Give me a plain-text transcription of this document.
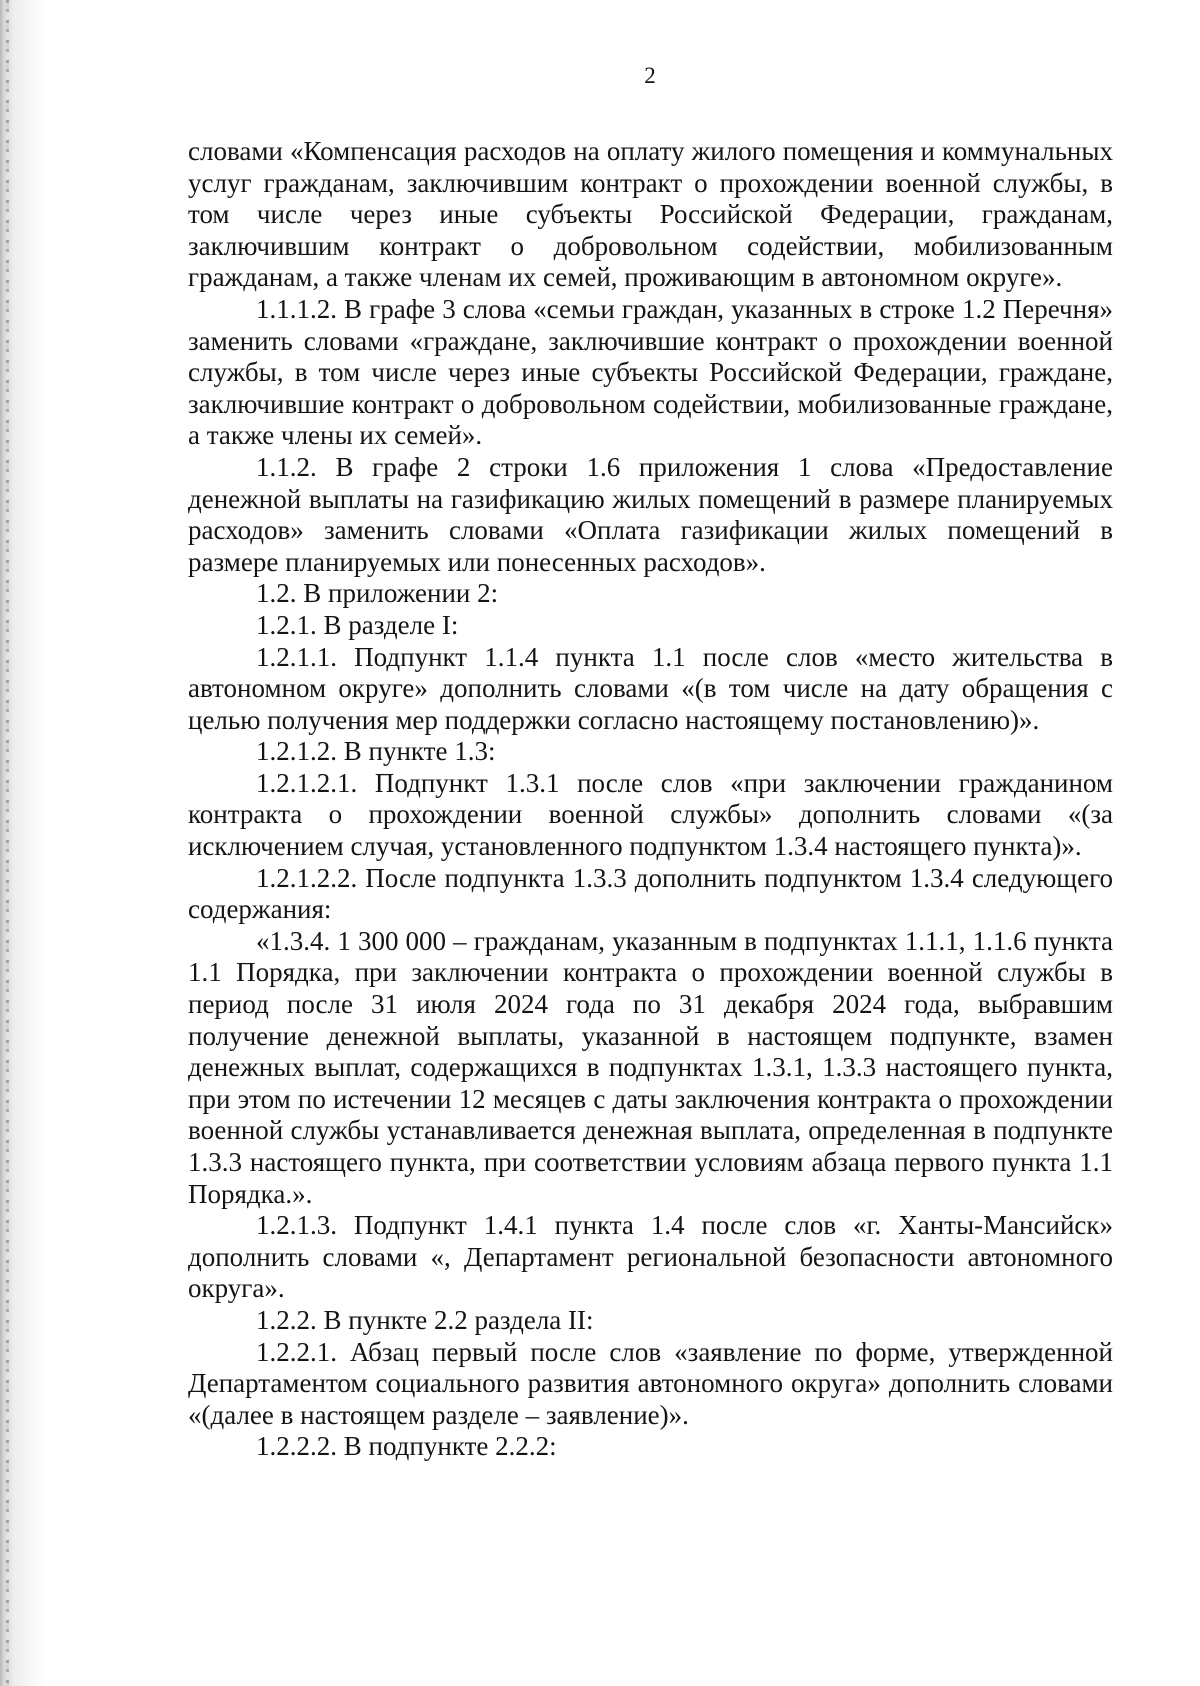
2

словами «Компенсация расходов на оплату жилого помещения и коммунальных услуг гражданам, заключившим контракт о прохождении военной службы, в том числе через иные субъекты Российской Федерации, гражданам, заключившим контракт о добровольном содействии, мобилизованным гражданам, а также членам их семей, проживающим в автономном округе».

1.1.1.2. В графе 3 слова «семьи граждан, указанных в строке 1.2 Перечня» заменить словами «граждане, заключившие контракт о прохождении военной службы, в том числе через иные субъекты Российской Федерации, граждане, заключившие контракт о добровольном содействии, мобилизованные граждане, а также члены их семей».

1.1.2. В графе 2 строки 1.6 приложения 1 слова «Предоставление денежной выплаты на газификацию жилых помещений в размере планируемых расходов» заменить словами «Оплата газификации жилых помещений в размере планируемых или понесенных расходов».

1.2. В приложении 2:

1.2.1. В разделе I:

1.2.1.1. Подпункт 1.1.4 пункта 1.1 после слов «место жительства в автономном округе» дополнить словами «(в том числе на дату обращения с целью получения мер поддержки согласно настоящему постановлению)».

1.2.1.2. В пункте 1.3:

1.2.1.2.1. Подпункт 1.3.1 после слов «при заключении гражданином контракта о прохождении военной службы» дополнить словами «(за исключением случая, установленного подпунктом 1.3.4 настоящего пункта)».

1.2.1.2.2. После подпункта 1.3.3 дополнить подпунктом 1.3.4 следующего содержания:

«1.3.4. 1 300 000 – гражданам, указанным в подпунктах 1.1.1, 1.1.6 пункта 1.1 Порядка, при заключении контракта о прохождении военной службы в период после 31 июля 2024 года по 31 декабря 2024 года, выбравшим получение денежной выплаты, указанной в настоящем подпункте, взамен денежных выплат, содержащихся в подпунктах 1.3.1, 1.3.3 настоящего пункта, при этом по истечении 12 месяцев с даты заключения контракта о прохождении военной службы устанавливается денежная выплата, определенная в подпункте 1.3.3 настоящего пункта, при соответствии условиям абзаца первого пункта 1.1 Порядка.».

1.2.1.3. Подпункт 1.4.1 пункта 1.4 после слов «г. Ханты-Мансийск» дополнить словами «, Департамент региональной безопасности автономного округа».

1.2.2. В пункте 2.2 раздела II:

1.2.2.1. Абзац первый после слов «заявление по форме, утвержденной Департаментом социального развития автономного округа» дополнить словами «(далее в настоящем разделе – заявление)».

1.2.2.2. В подпункте 2.2.2:
